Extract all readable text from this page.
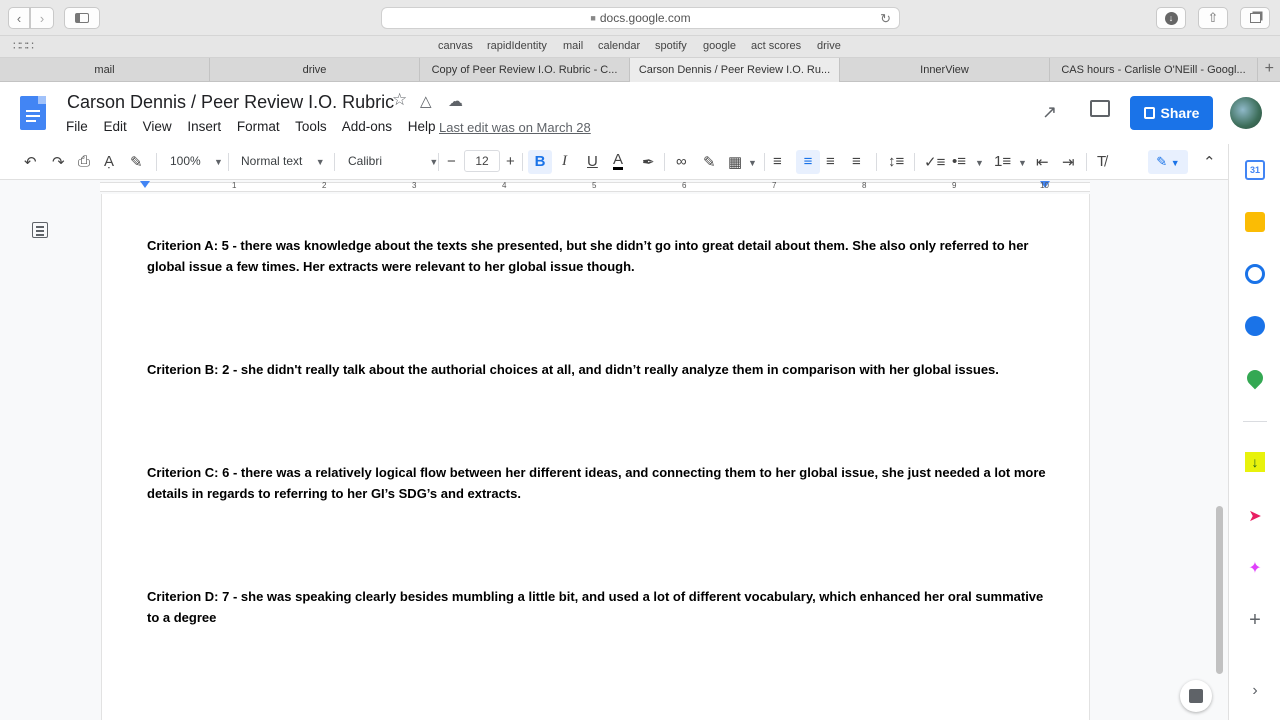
‹ ›	■ docs.google.com	↻	↓	⇧
∷∷∷	canvas rapidIdentity mail calendar spotify google act scores drive
mail	drive	Copy of Peer Review I.O. Rubric - C...	Carson Dennis / Peer Review I.O. Ru...	InnerView	CAS hours - Carlisle O'NEill - Googl...	+
Carson Dennis / Peer Review I.O. Rubric
☆ △ ☁
File Edit View Insert Format Tools Add-ons Help Last edit was on March 28
↗	Share
↶ ↷ ⎙ Ạ ✎ 100% ▼ Normal text ▼ Calibri	▼ −	12	+	B	I U A ✒ ∞ ✎ ▦ ▼ ≡	≡ ≡ ≡ ↕≡ ✓≡ •≡ ▼ 1≡ ▼ ⇤ ⇥ T̸	✎ ▼	⌃
1	2	3	4	5	6	7	8	9	10

Criterion A: 5 - there was knowledge about the texts she presented, but she didn’t go into great detail about them. She also only referred to her global issue a few times. Her extracts were relevant to her global issue though.

Criterion B: 2 - she didn't really talk about the authorial choices at all, and didn’t really analyze them in comparison with her global issues.

Criterion C: 6 - there was a relatively logical flow between her different ideas, and connecting them to her global issue, she just needed a lot more details in regards to referring to her GI’s SDG’s and extracts.

Criterion D: 7 - she was speaking clearly besides mumbling a little bit, and used a lot of different vocabulary, which enhanced her oral summative to a degree

31
↓
➤
✦
+
›
